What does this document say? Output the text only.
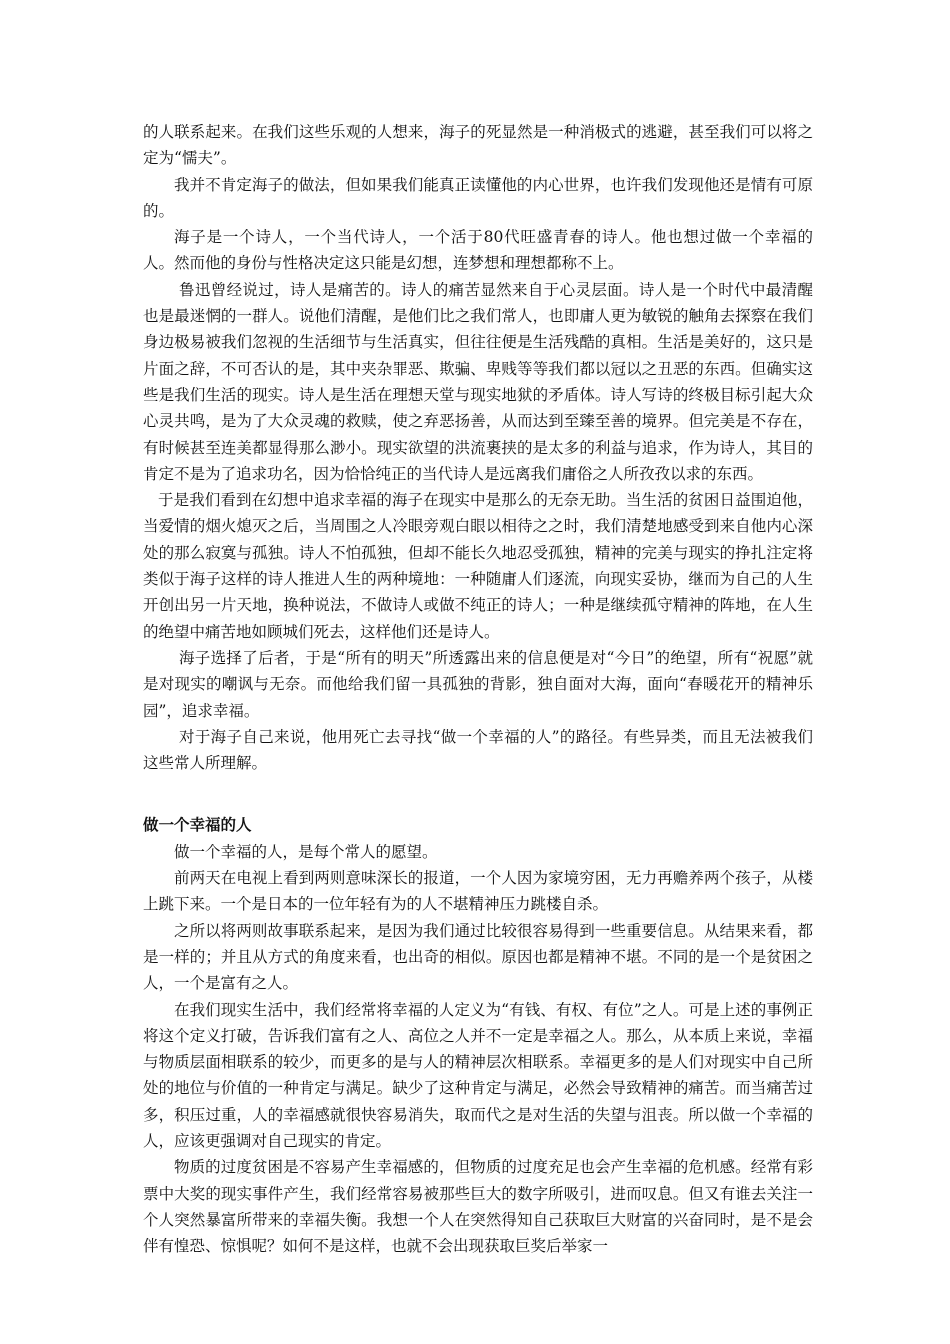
的人联系起来。在我们这些乐观的人想来，海子的死显然是一种消极式的逃避，甚至我们可以将之定为“懦夫”。

我并不肯定海子的做法，但如果我们能真正读懂他的内心世界，也许我们发现他还是情有可原的。

海子是一个诗人，一个当代诗人，一个活于80代旺盛青春的诗人。他也想过做一个幸福的人。然而他的身份与性格决定这只能是幻想，连梦想和理想都称不上。

鲁迅曾经说过，诗人是痛苦的。诗人的痛苦显然来自于心灵层面。诗人是一个时代中最清醒也是最迷惘的一群人。说他们清醒，是他们比之我们常人，也即庸人更为敏锐的触角去探察在我们身边极易被我们忽视的生活细节与生活真实，但往往便是生活残酷的真相。生活是美好的，这只是片面之辞，不可否认的是，其中夹杂罪恶、欺骗、卑贱等等我们都以冠以之丑恶的东西。但确实这些是我们生活的现实。诗人是生活在理想天堂与现实地狱的矛盾体。诗人写诗的终极目标引起大众心灵共鸣，是为了大众灵魂的救赎，使之弃恶扬善，从而达到至臻至善的境界。但完美是不存在，有时候甚至连美都显得那么渺小。现实欲望的洪流裹挟的是太多的利益与追求，作为诗人，其目的肯定不是为了追求功名，因为恰恰纯正的当代诗人是远离我们庸俗之人所孜孜以求的东西。

于是我们看到在幻想中追求幸福的海子在现实中是那么的无奈无助。当生活的贫困日益围迫他，当爱情的烟火熄灭之后，当周围之人冷眼旁观白眼以相待之之时，我们清楚地感受到来自他内心深处的那么寂寞与孤独。诗人不怕孤独，但却不能长久地忍受孤独，精神的完美与现实的挣扎注定将类似于海子这样的诗人推进人生的两种境地：一种随庸人们逐流，向现实妥协，继而为自己的人生开创出另一片天地，换种说法，不做诗人或做不纯正的诗人；一种是继续孤守精神的阵地，在人生的绝望中痛苦地如顾城们死去，这样他们还是诗人。

海子选择了后者，于是“所有的明天”所透露出来的信息便是对“今日”的绝望，所有“祝愿”就是对现实的嘲讽与无奈。而他给我们留一具孤独的背影，独自面对大海，面向“春暖花开的精神乐园”，追求幸福。

对于海子自己来说，他用死亡去寻找“做一个幸福的人”的路径。有些异类，而且无法被我们这些常人所理解。

做一个幸福的人

做一个幸福的人，是每个常人的愿望。

前两天在电视上看到两则意味深长的报道，一个人因为家境穷困，无力再赡养两个孩子，从楼上跳下来。一个是日本的一位年轻有为的人不堪精神压力跳楼自杀。

之所以将两则故事联系起来，是因为我们通过比较很容易得到一些重要信息。从结果来看，都是一样的；并且从方式的角度来看，也出奇的相似。原因也都是精神不堪。不同的是一个是贫困之人，一个是富有之人。

在我们现实生活中，我们经常将幸福的人定义为“有钱、有权、有位”之人。可是上述的事例正将这个定义打破，告诉我们富有之人、高位之人并不一定是幸福之人。那么，从本质上来说，幸福与物质层面相联系的较少，而更多的是与人的精神层次相联系。幸福更多的是人们对现实中自己所处的地位与价值的一种肯定与满足。缺少了这种肯定与满足，必然会导致精神的痛苦。而当痛苦过多，积压过重，人的幸福感就很快容易消失，取而代之是对生活的失望与沮丧。所以做一个幸福的人，应该更强调对自己现实的肯定。

物质的过度贫困是不容易产生幸福感的，但物质的过度充足也会产生幸福的危机感。经常有彩票中大奖的现实事件产生，我们经常容易被那些巨大的数字所吸引，进而叹息。但又有谁去关注一个人突然暴富所带来的幸福失衡。我想一个人在突然得知自己获取巨大财富的兴奋同时，是不是会伴有惶恐、惊惧呢？如何不是这样，也就不会出现获取巨奖后举家一
